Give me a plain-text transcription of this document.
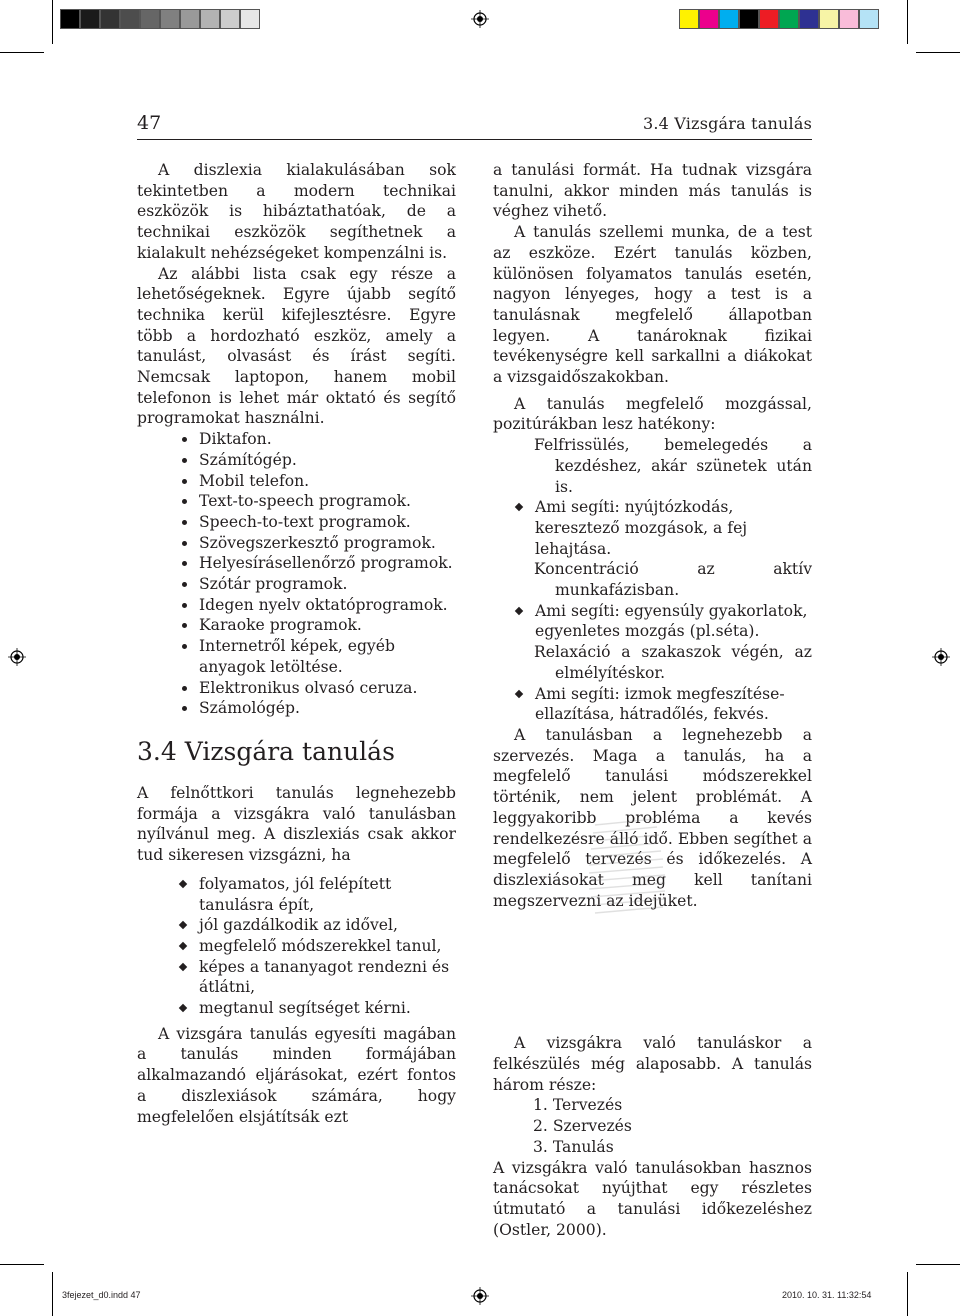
47	3.4 Vizsgára tanulás

A diszlexia kialakulásában sok tekintetben a modern technikai eszközök is hibáztathatóak, de a technikai eszközök segíthetnek a kialakult nehézségeket kompenzálni is.

Az alábbi lista csak egy része a lehetőségeknek. Egyre újabb segítő technika kerül kifejlesztésre. Egyre több a hordozható eszköz, amely a tanulást, olvasást és írást segíti. Nemcsak laptopon, hanem mobil telefonon is lehet már oktató és segítő programokat használni.

Diktafon.
Számítógép.
Mobil telefon.
Text-to-speech programok.
Speech-to-text programok.
Szövegszerkesztő programok.
Helyesírásellenőrző programok.
Szótár programok.
Idegen nyelv oktatóprogramok.
Karaoke programok.
Internetről képek, egyéb anyagok letöltése.
Elektronikus olvasó ceruza.
Számológép.
3.4 Vizsgára tanulás

A felnőttkori tanulás legnehezebb formája a vizsgákra való tanulásban nyílvánul meg. A diszlexiás csak akkor tud sikeresen vizsgázni, ha

folyamatos, jól felépített tanulásra épít,
jól gazdálkodik az idővel,
megfelelő módszerekkel tanul,
képes a tananyagot rendezni és átlátni,
megtanul segítséget kérni.

A vizsgára tanulás egyesíti magában a tanulás minden formájában alkalmazandó eljárásokat, ezért fontos a diszlexiások számára, hogy megfelelően elsjátítsák ezt

a tanulási formát. Ha tudnak vizsgára tanulni, akkor minden más tanulás is véghez vihető.

A tanulás szellemi munka, de a test az eszköze. Ezért tanulás közben, különösen folyamatos tanulás esetén, nagyon lényeges, hogy a test is a tanulásnak megfelelő állapotban legyen. A tanároknak fizikai tevékenységre kell sarkallni a diákokat a vizsgaidőszakokban.

A tanulás megfelelő mozgással, pozitúrákban lesz hatékony:

Felfrissülés, bemelegedés a kezdéshez, akár szünetek után is.

Ami segíti: nyújtózkodás, keresztező mozgások, a fej lehajtása.

Koncentráció az aktív munkafázisban.

Ami segíti: egyensúly gyakorlatok, egyenletes mozgás (pl.séta).

Relaxáció a szakaszok végén, az elmélyítéskor.

Ami segíti: izmok megfeszítése-ellazítása, hátradőlés, fekvés.

A tanulásban a legnehezebb a szervezés. Maga a tanulás, ha a megfelelő tanulási módszerekkel történik, nem jelent problémát. A leggyakoribb probléma a kevés rendelkezésre álló idő. Ebben segíthet a megfelelő tervezés és időkezelés. A diszlexiásokat meg kell tanítani megszervezni az idejüket.

A vizsgákra való tanuláskor a felkészülés még alaposabb. A tanulás három része:

1. Tervezés
2. Szervezés
3. Tanulás

A vizsgákra való tanulásokban hasznos tanácsokat nyújthat egy részletes útmutató a tanulási időkezeléshez (Ostler, 2000).

3fejezet_d0.indd 47	2010. 10. 31. 11:32:54
